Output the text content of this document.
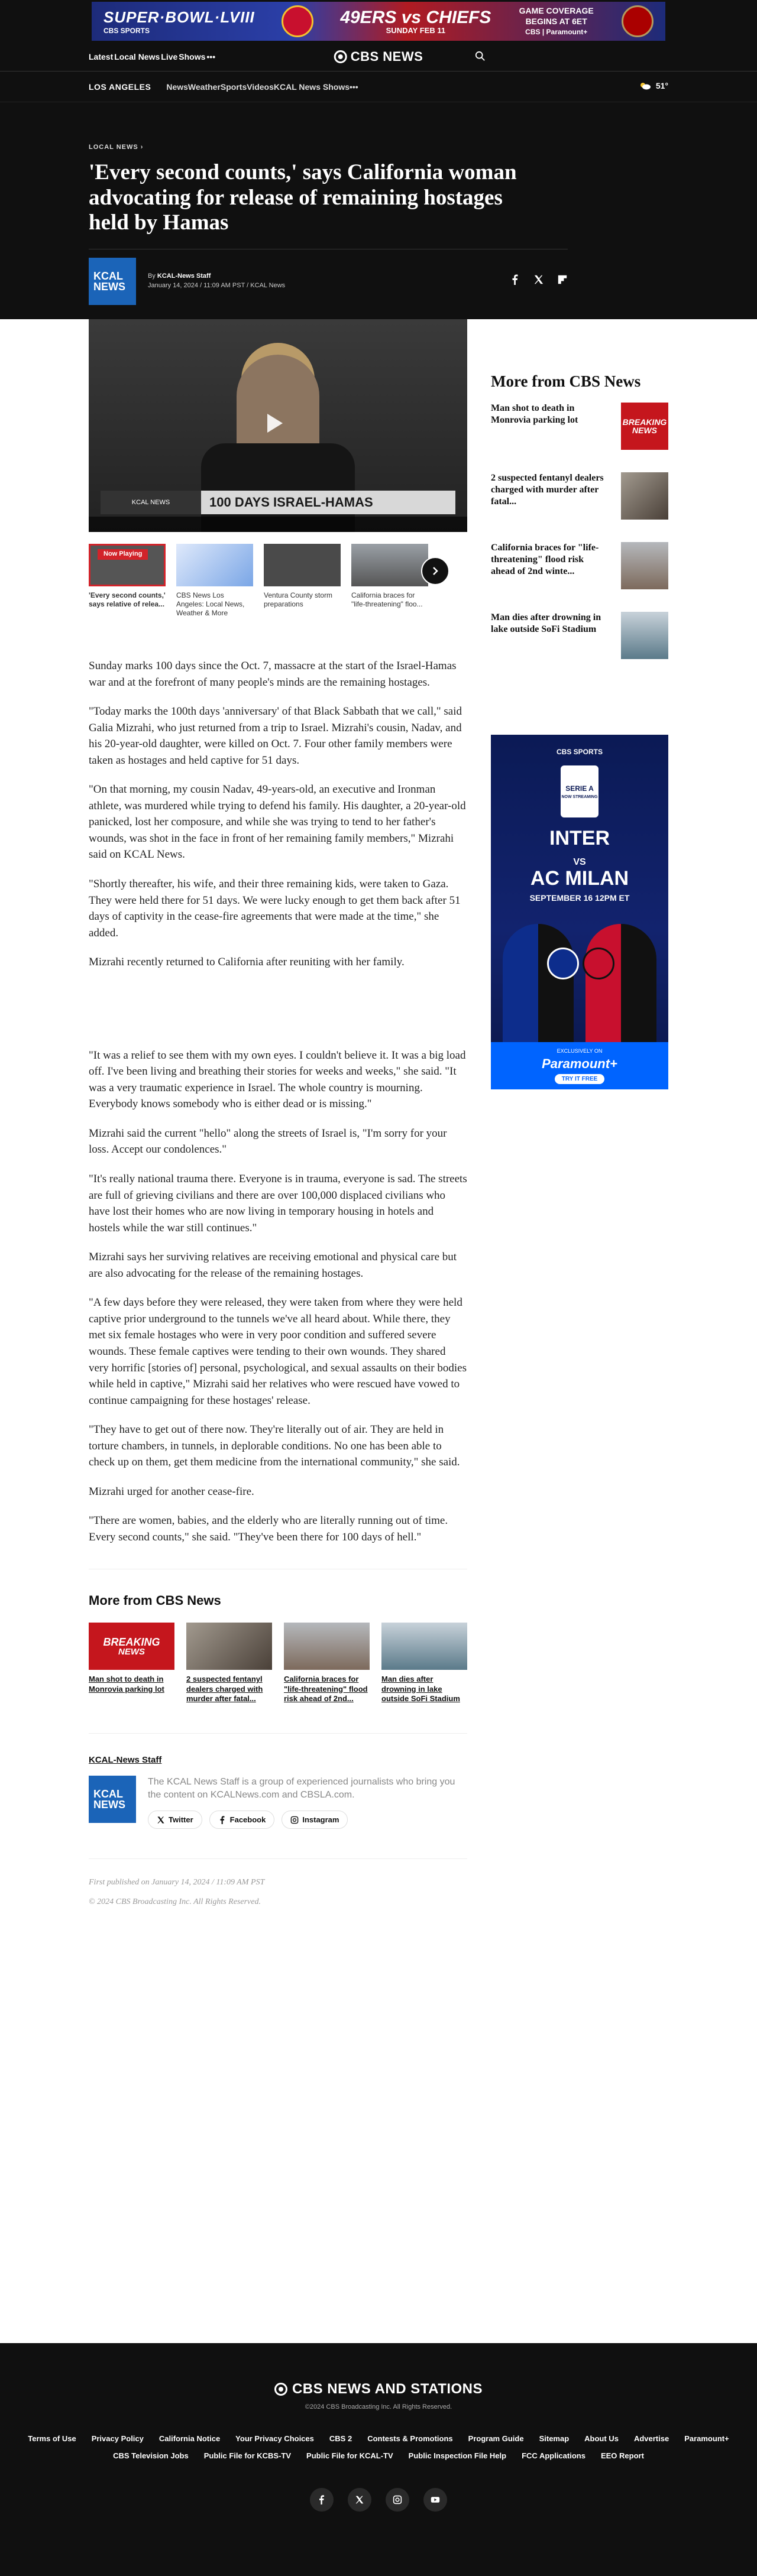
SUPER·BOWL·LVIII
CBS SPORTS
49ERS vs CHIEFS
SUNDAY FEB 11
GAME COVERAGE BEGINS AT 6ET
CBS | Paramount+
Latest Local News Live Shows •••	CBS NEWS
LOS ANGELES NewsWeatherSportsVideosKCAL News Shows•••	51°
LOCAL NEWS ›
'Every second counts,' says California woman advocating for release of remaining hostages held by Hamas
KCAL
NEWS
By KCAL-News Staff
January 14, 2024 / 11:09 AM PST / KCAL News
KCAL NEWS	100 DAYS ISRAEL-HAMAS
Now Playing
'Every second counts,' says relative of relea...
CBS News Los Angeles: Local News, Weather & More
Ventura County storm preparations
California braces for "life-threatening" floo...

Sunday marks 100 days since the Oct. 7, massacre at the start of the Israel-Hamas war and at the forefront of many people's minds are the remaining hostages.

"Today marks the 100th days 'anniversary' of that Black Sabbath that we call," said Galia Mizrahi, who just returned from a trip to Israel. Mizrahi's cousin, Nadav, and his 20-year-old daughter, were killed on Oct. 7. Four other family members were taken as hostages and held captive for 51 days.

"On that morning, my cousin Nadav, 49-years-old, an executive and Ironman athlete, was murdered while trying to defend his family. His daughter, a 20-year-old panicked, lost her composure, and while she was trying to tend to her father's wounds, was shot in the face in front of her remaining family members," Mizrahi said on KCAL News.

"Shortly thereafter, his wife, and their three remaining kids, were taken to Gaza. They were held there for 51 days. We were lucky enough to get them back after 51 days of captivity in the cease-fire agreements that were made at the time," she added.

Mizrahi recently returned to California after reuniting with her family.

"It was a relief to see them with my own eyes. I couldn't believe it. It was a big load off. I've been living and breathing their stories for weeks and weeks," she said. "It was a very traumatic experience in Israel. The whole country is mourning. Everybody knows somebody who is either dead or is missing."

Mizrahi said the current "hello" along the streets of Israel is, "I'm sorry for your loss. Accept our condolences."

"It's really national trauma there. Everyone is in trauma, everyone is sad. The streets are full of grieving civilians and there are over 100,000 displaced civilians who have lost their homes who are now living in temporary housing in hotels and hostels while the war still continues."

Mizrahi says her surviving relatives are receiving emotional and physical care but are also advocating for the release of the remaining hostages.

"A few days before they were released, they were taken from where they were held captive prior underground to the tunnels we've all heard about. While there, they met six female hostages who were in very poor condition and suffered severe wounds. These female captives were tending to their own wounds. They shared very horrific [stories of] personal, psychological, and sexual assaults on their bodies while held in captive," Mizrahi said her relatives who were rescued have vowed to continue campaigning for these hostages' release.

"They have to get out of there now. They're literally out of air. They are held in torture chambers, in tunnels, in deplorable conditions. No one has been able to check up on them, get them medicine from the international community," she said.

Mizrahi urged for another cease-fire.

"There are women, babies, and the elderly who are literally running out of time. Every second counts," she said. "They've been there for 100 days of hell."

More from CBS News
BREAKING
NEWS
Man shot to death in Monrovia parking lot
2 suspected fentanyl dealers charged with murder after fatal...
California braces for "life-threatening" flood risk ahead of 2nd...
Man dies after drowning in lake outside SoFi Stadium
KCAL-News Staff
KCAL
NEWS
The KCAL News Staff is a group of experienced journalists who bring you the content on KCALNews.com and CBSLA.com.
Twitter	Facebook	Instagram
First published on January 14, 2024 / 11:09 AM PST
© 2024 CBS Broadcasting Inc. All Rights Reserved.
More from CBS News
Man shot to death in Monrovia parking lot	BREAKING
NEWS
2 suspected fentanyl dealers charged with murder after fatal...
California braces for "life-threatening" flood risk ahead of 2nd winte...
Man dies after drowning in lake outside SoFi Stadium
CBS SPORTS
SERIE A
NOW STREAMING
INTER
VS
AC MILAN
SEPTEMBER 16 12PM ET
EXCLUSIVELY ON
Paramount+
TRY IT FREE
CBS NEWS AND STATIONS
©2024 CBS Broadcasting Inc. All Rights Reserved.
Terms of Use Privacy Policy California Notice Your Privacy Choices CBS 2 Contests & Promotions Program Guide Sitemap About Us Advertise Paramount+
CBS Television Jobs Public File for KCBS-TV Public File for KCAL-TV Public Inspection File Help FCC Applications EEO Report
